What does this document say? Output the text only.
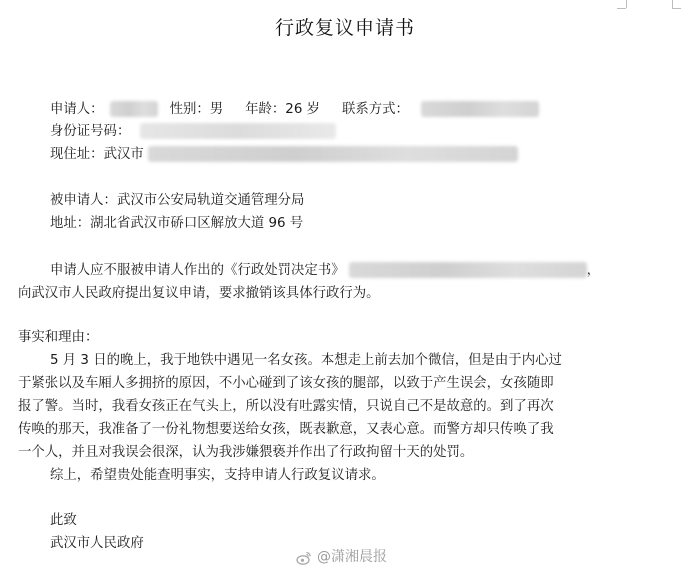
行政复议申请书
申请人：	性别：男 年龄：26 岁 联系方式：
身份证号码：
现住址：武汉市
被申请人：武汉市公安局轨道交通管理分局
地址：湖北省武汉市硚口区解放大道 96 号
申请人应不服被申请人作出的《行政处罚决定书》	，
向武汉市人民政府提出复议申请，要求撤销该具体行政行为。
事实和理由：
5 月 3 日的晚上，我于地铁中遇见一名女孩。本想走上前去加个微信，但是由于内心过
于紧张以及车厢人多拥挤的原因，不小心碰到了该女孩的腿部，以致于产生误会，女孩随即
报了警。当时，我看女孩正在气头上，所以没有吐露实情，只说自己不是故意的。到了再次
传唤的那天，我准备了一份礼物想要送给女孩，既表歉意，又表心意。而警方却只传唤了我
一个人，并且对我误会很深，认为我涉嫌猥亵并作出了行政拘留十天的处罚。
综上，希望贵处能查明事实，支持申请人行政复议请求。
此致
武汉市人民政府
@潇湘晨报
